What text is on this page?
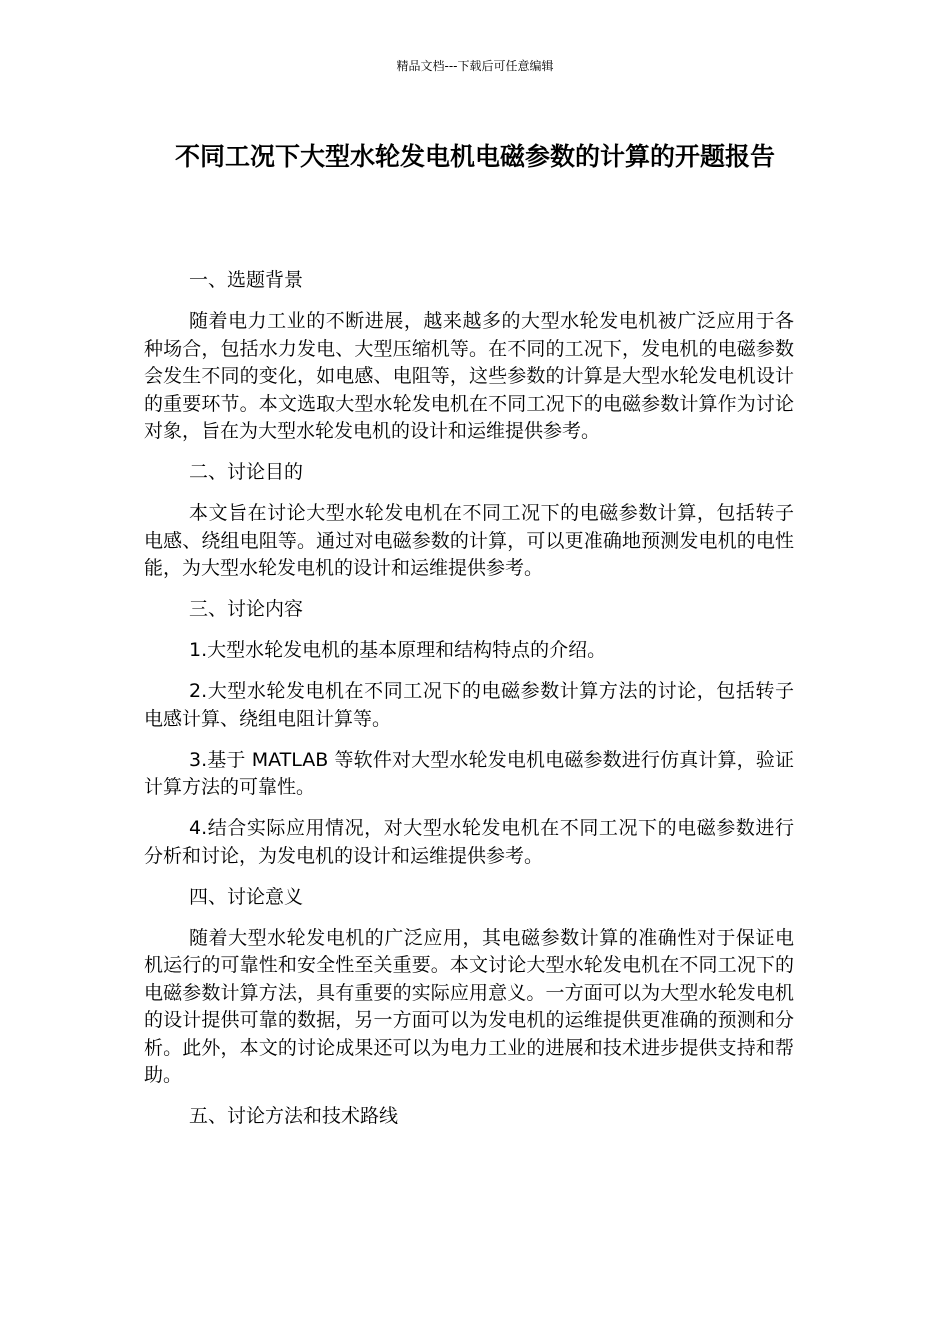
精品文档---下载后可任意编辑
不同工况下大型水轮发电机电磁参数的计算的开题报告

一、选题背景

随着电力工业的不断进展，越来越多的大型水轮发电机被广泛应用于各种场合，包括水力发电、大型压缩机等。在不同的工况下，发电机的电磁参数会发生不同的变化，如电感、电阻等，这些参数的计算是大型水轮发电机设计的重要环节。本文选取大型水轮发电机在不同工况下的电磁参数计算作为讨论对象，旨在为大型水轮发电机的设计和运维提供参考。

二、讨论目的

本文旨在讨论大型水轮发电机在不同工况下的电磁参数计算，包括转子电感、绕组电阻等。通过对电磁参数的计算，可以更准确地预测发电机的电性能，为大型水轮发电机的设计和运维提供参考。

三、讨论内容

1.大型水轮发电机的基本原理和结构特点的介绍。

2.大型水轮发电机在不同工况下的电磁参数计算方法的讨论，包括转子电感计算、绕组电阻计算等。

3.基于 MATLAB 等软件对大型水轮发电机电磁参数进行仿真计算，验证计算方法的可靠性。

4.结合实际应用情况，对大型水轮发电机在不同工况下的电磁参数进行分析和讨论，为发电机的设计和运维提供参考。

四、讨论意义

随着大型水轮发电机的广泛应用，其电磁参数计算的准确性对于保证电机运行的可靠性和安全性至关重要。本文讨论大型水轮发电机在不同工况下的电磁参数计算方法，具有重要的实际应用意义。一方面可以为大型水轮发电机的设计提供可靠的数据，另一方面可以为发电机的运维提供更准确的预测和分析。此外，本文的讨论成果还可以为电力工业的进展和技术进步提供支持和帮助。

五、讨论方法和技术路线
